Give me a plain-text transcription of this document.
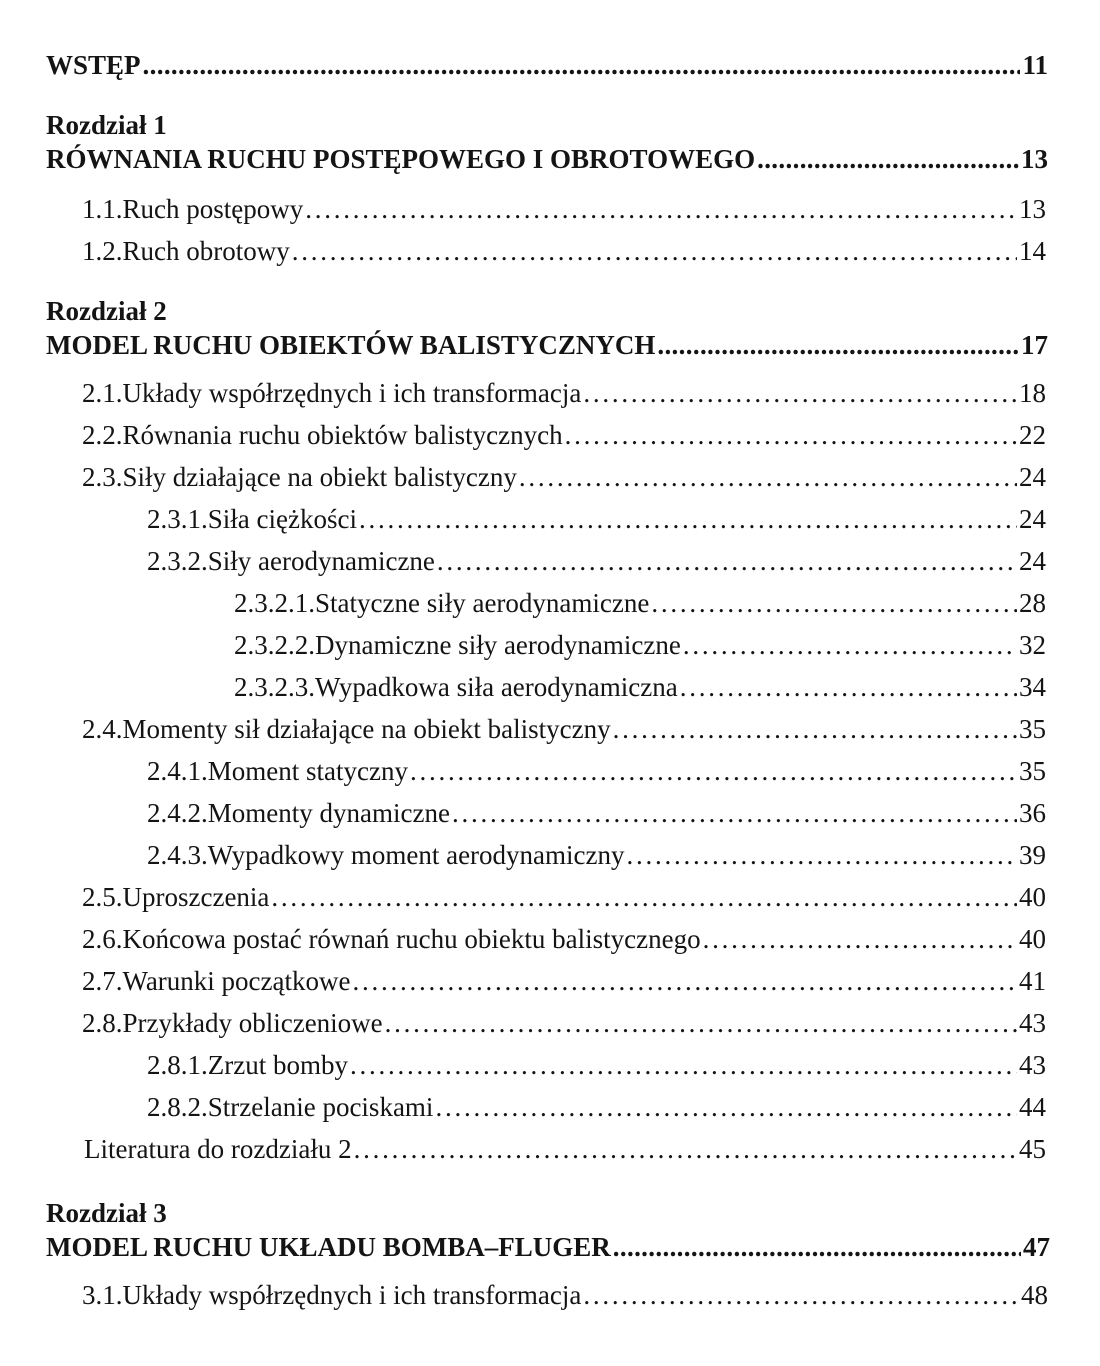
WSTĘP . . .	11
Rozdział 1
RÓWNANIA RUCHU POSTĘPOWEGO I OBROTOWEGO . . .	13
1.1. Ruch postępowy . . .	13
1.2. Ruch obrotowy . . .	14
Rozdział 2
MODEL RUCHU OBIEKTÓW BALISTYCZNYCH . . .	17
2.1. Układy współrzędnych i ich transformacja . . .	18
2.2. Równania ruchu obiektów balistycznych . . .	22
2.3. Siły działające na obiekt balistyczny . . .	24
2.3.1. Siła ciężkości . . .	24
2.3.2. Siły aerodynamiczne . . .	24
2.3.2.1. Statyczne siły aerodynamiczne . . .	28
2.3.2.2. Dynamiczne siły aerodynamiczne . . .	32
2.3.2.3. Wypadkowa siła aerodynamiczna . . .	34
2.4. Momenty sił działające na obiekt balistyczny . . .	35
2.4.1. Moment statyczny . . .	35
2.4.2. Momenty dynamiczne . . .	36
2.4.3. Wypadkowy moment aerodynamiczny . . .	39
2.5. Uproszczenia . . .	40
2.6. Końcowa postać równań ruchu obiektu balistycznego . . .	40
2.7. Warunki początkowe . . .	41
2.8. Przykłady obliczeniowe . . .	43
2.8.1. Zrzut bomby . . .	43
2.8.2. Strzelanie pociskami . . .	44
Literatura do rozdziału 2 . . .	45
Rozdział 3
MODEL RUCHU UKŁADU BOMBA–FLUGER . . .	47
3.1. Układy współrzędnych i ich transformacja . . .	48
